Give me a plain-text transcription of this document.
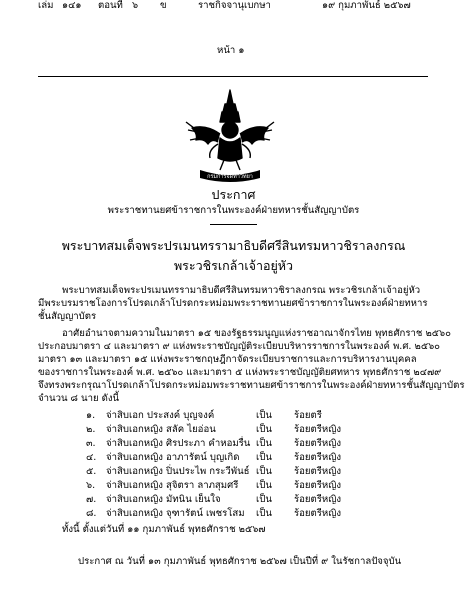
หน้า ๑
เล่ม ๑๔๑ ตอนที่ ๖ ข	ราชกิจจานุเบกษา	๑๙ กุมภาพันธ์ ๒๕๖๗
กรมการจัดทำวิทยา
ประกาศ
พระราชทานยศข้าราชการในพระองค์ฝ่ายทหารชั้นสัญญาบัตร
พระบาทสมเด็จพระปรเมนทรรามาธิบดีศรีสินทรมหาวชิราลงกรณ
พระวชิรเกล้าเจ้าอยู่หัว
พระบาทสมเด็จพระปรเมนทรรามาธิบดีศรีสินทรมหาวชิราลงกรณ พระวชิรเกล้าเจ้าอยู่หัว
มีพระบรมราชโองการโปรดเกล้าโปรดกระหม่อมพระราชทานยศข้าราชการในพระองค์ฝ่ายทหาร
ชั้นสัญญาบัตร
อาศัยอำนาจตามความในมาตรา ๑๕ ของรัฐธรรมนูญแห่งราชอาณาจักรไทย พุทธศักราช ๒๕๖๐
ประกอบมาตรา ๔ และมาตรา ๙ แห่งพระราชบัญญัติระเบียบบริหารราชการในพระองค์ พ.ศ. ๒๕๖๐
มาตรา ๑๓ และมาตรา ๑๕ แห่งพระราชกฤษฎีกาจัดระเบียบราชการและการบริหารงานบุคคล
ของราชการในพระองค์ พ.ศ. ๒๕๖๐ และมาตรา ๕ แห่งพระราชบัญญัติยศทหาร พุทธศักราช ๒๔๗๙
จึงทรงพระกรุณาโปรดเกล้าโปรดกระหม่อมพระราชทานยศข้าราชการในพระองค์ฝ่ายทหารชั้นสัญญาบัตร
จำนวน ๘ นาย ดังนี้
๑. จ่าสิบเอก ประสงค์ บุญจงค์	เป็น ร้อยตรี
๒. จ่าสิบเอกหญิง สลัค ไยอ่อน	เป็น ร้อยตรีหญิง
๓. จ่าสิบเอกหญิง ศิรประภา คำหอมรื่น เป็น ร้อยตรีหญิง
๔. จ่าสิบเอกหญิง อาภารัตน์ บุญเกิด เป็น ร้อยตรีหญิง
๕. จ่าสิบเอกหญิง ปิ่นประไพ กระวีพันธ์ เป็น ร้อยตรีหญิง
๖. จ่าสิบเอกหญิง สุจิตรา ลาภสุมศรี เป็น ร้อยตรีหญิง
๗. จ่าสิบเอกหญิง มัทนิน เย็นใจ	เป็น ร้อยตรีหญิง
๘. จ่าสิบเอกหญิง จุฑารัตน์ เพชรโสม เป็น ร้อยตรีหญิง
ทั้งนี้ ตั้งแต่วันที่ ๑๑ กุมภาพันธ์ พุทธศักราช ๒๕๖๗
ประกาศ ณ วันที่ ๑๓ กุมภาพันธ์ พุทธศักราช ๒๕๖๗ เป็นปีที่ ๙ ในรัชกาลปัจจุบัน
